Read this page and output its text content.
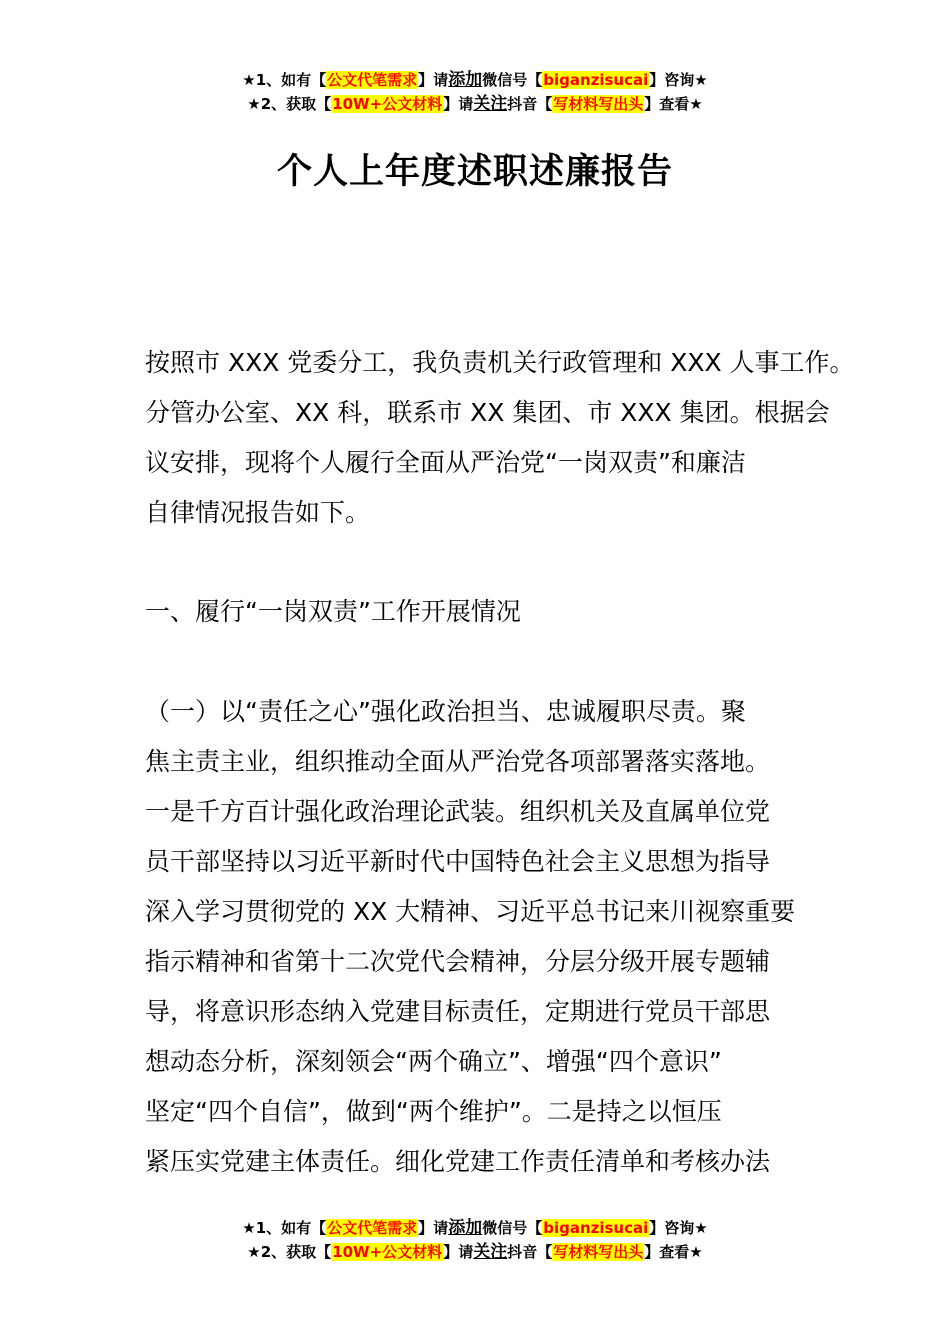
★1、如有【公文代笔需求】请添加微信号【biganzisucai】咨询★
★2、获取【10W+公文材料】请关注抖音【写材料写出头】查看★
个人上年度述职述廉报告
按照市 XXX 党委分工，我负责机关行政管理和 XXX 人事工作。
分管办公室、XX 科，联系市 XX 集团、市 XXX 集团。根据会
议安排，现将个人履行全面从严治党“一岗双责”和廉洁
自律情况报告如下。
一、履行“一岗双责”工作开展情况
（一）以“责任之心”强化政治担当、忠诚履职尽责。聚
焦主责主业，组织推动全面从严治党各项部署落实落地。
一是千方百计强化政治理论武装。组织机关及直属单位党
员干部坚持以习近平新时代中国特色社会主义思想为指导
深入学习贯彻党的 XX 大精神、习近平总书记来川视察重要
指示精神和省第十二次党代会精神，分层分级开展专题辅
导，将意识形态纳入党建目标责任，定期进行党员干部思
想动态分析，深刻领会“两个确立”、增强“四个意识”
坚定“四个自信”，做到“两个维护”。二是持之以恒压
紧压实党建主体责任。细化党建工作责任清单和考核办法
★1、如有【公文代笔需求】请添加微信号【biganzisucai】咨询★
★2、获取【10W+公文材料】请关注抖音【写材料写出头】查看★
